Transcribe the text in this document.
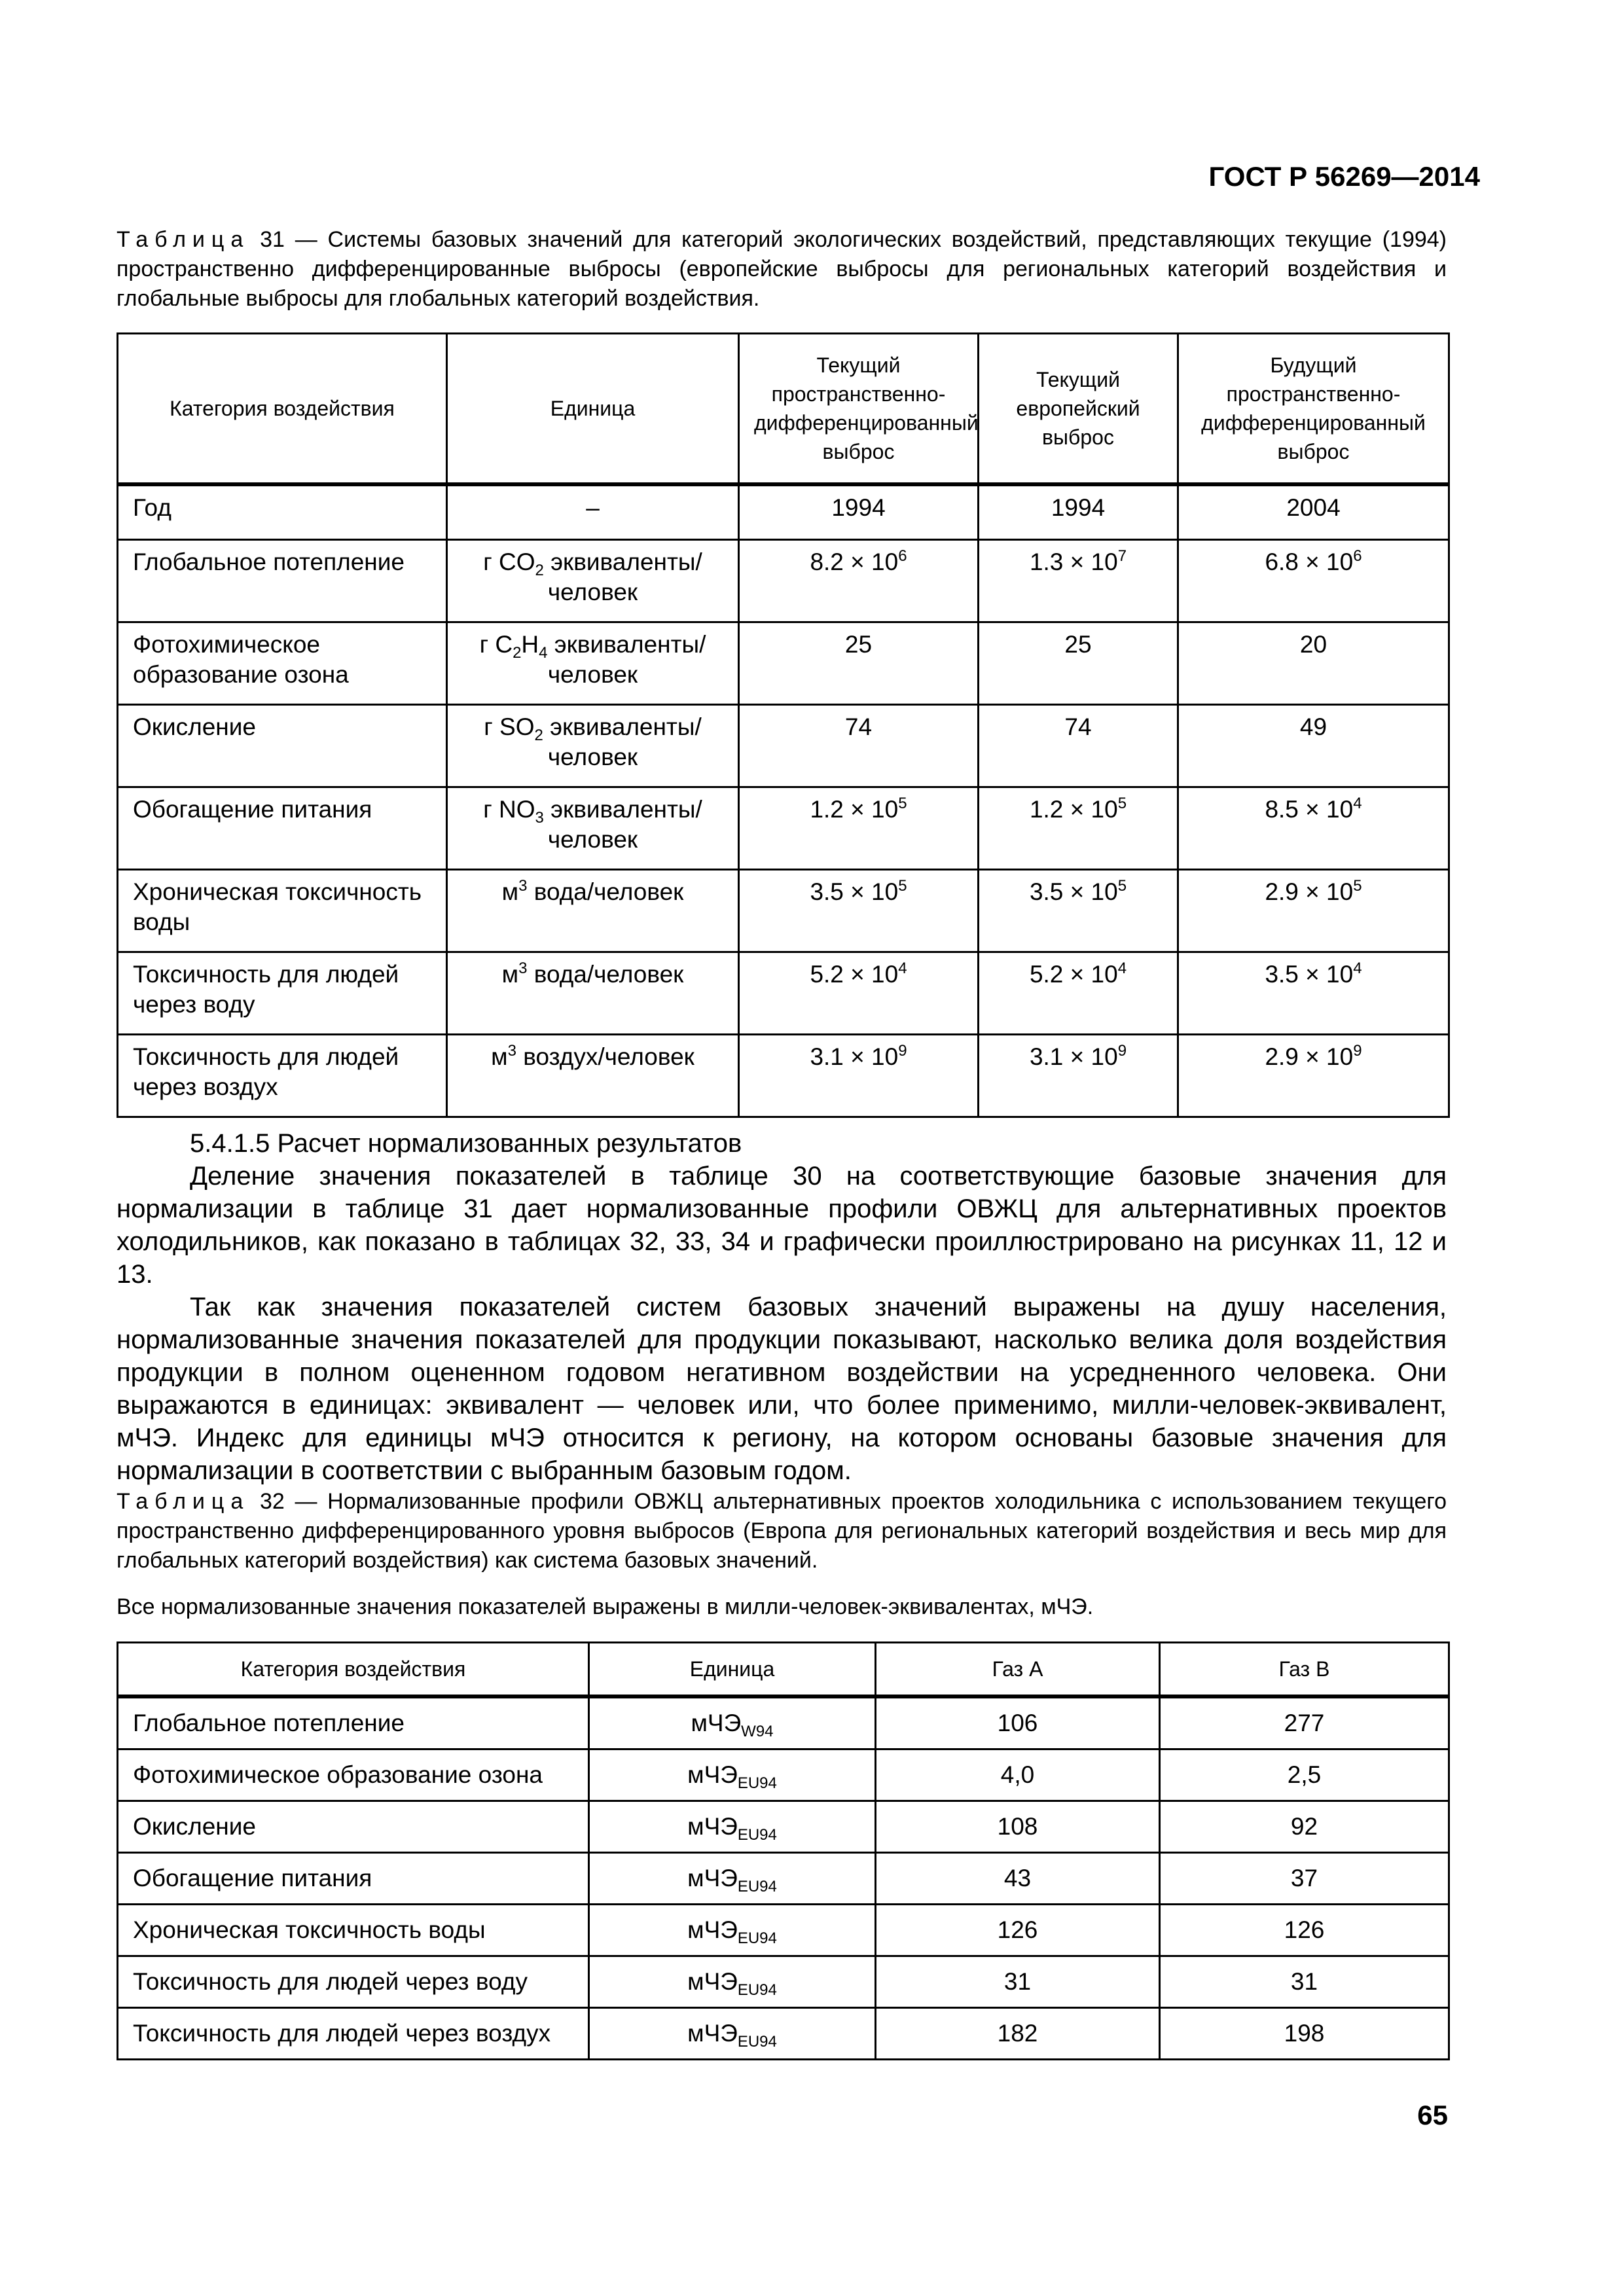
ГОСТ Р 56269—2014
Таблица 31 — Системы базовых значений для категорий экологических воздействий, представляющих текущие (1994) пространственно дифференцированные выбросы (европейские выбросы для региональных категорий воздействия и глобальные выбросы для глобальных категорий воздействия.
Категория воздействия	Единица	Текущий пространственно-дифференцированный выброс	Текущий европейский выброс	Будущий пространственно-дифференцированный выброс
Год	–	1994	1994	2004
Глобальное потепление	г $CO_2$ эквиваленты/человек	$8.2 \times 10^6$	$1.3 \times 10^7$	$6.8 \times 10^6$
Фотохимическое образование озона	г $C_2H_4$ эквиваленты/человек	25	25	20
Окисление	г $SO_2$ эквиваленты/человек	74	74	49
Обогащение питания	г $NO_3$ эквиваленты/человек	$1.2 \times 10^5$	$1.2 \times 10^5$	$8.5 \times 10^4$
Хроническая токсичность воды	$м^3$ вода/человек	$3.5 \times 10^5$	$3.5 \times 10^5$	$2.9 \times 10^5$
Токсичность для людей через воду	$м^3$ вода/человек	$5.2 \times 10^4$	$5.2 \times 10^4$	$3.5 \times 10^4$
Токсичность для людей через воздух	$м^3$ воздух/человек	$3.1 \times 10^9$	$3.1 \times 10^9$	$2.9 \times 10^9$

5.4.1.5 Расчет нормализованных результатов

Деление значения показателей в таблице 30 на соответствующие базовые значения для нормализации в таблице 31 дает нормализованные профили ОВЖЦ для альтернативных проектов холодильников, как показано в таблицах 32, 33, 34 и графически проиллюстрировано на рисунках 11, 12 и 13.

Так как значения показателей систем базовых значений выражены на душу населения, нормализованные значения показателей для продукции показывают, насколько велика доля воздействия продукции в полном оцененном годовом негативном воздействии на усредненного человека. Они выражаются в единицах: эквивалент — человек или, что более применимо, милли-человек-эквивалент, мЧЭ. Индекс для единицы мЧЭ относится к региону, на котором основаны базовые значения для нормализации в соответствии с выбранным базовым годом.

Таблица 32 — Нормализованные профили ОВЖЦ альтернативных проектов холодильника с использованием текущего пространственно дифференцированного уровня выбросов (Европа для региональных категорий воздействия и весь мир для глобальных категорий воздействия) как система базовых значений.
Все нормализованные значения показателей выражены в милли-человек-эквивалентах, мЧЭ.
Категория воздействия	Единица	Газ A	Газ B
Глобальное потепление	мЧЭ$_{W94}$	106	277
Фотохимическое образование озона	мЧЭ$_{EU94}$	4,0	2,5
Окисление	мЧЭ$_{EU94}$	108	92
Обогащение питания	мЧЭ$_{EU94}$	43	37
Хроническая токсичность воды	мЧЭ$_{EU94}$	126	126
Токсичность для людей через воду	мЧЭ$_{EU94}$	31	31
Токсичность для людей через воздух	мЧЭ$_{EU94}$	182	198
65
